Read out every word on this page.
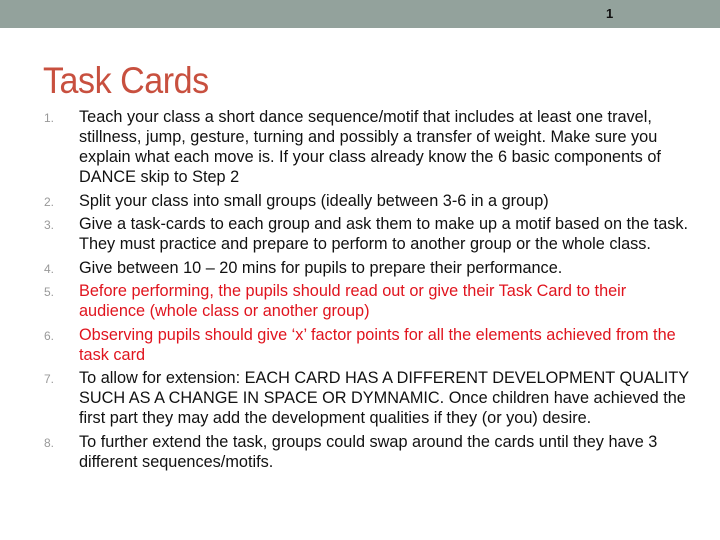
1
Task Cards
1. Teach your class a short dance sequence/motif that includes at least one travel, stillness, jump, gesture, turning and possibly a transfer of weight. Make sure you explain what each move is. If your class already know the 6 basic components of DANCE skip to Step 2
2. Split your class into small groups (ideally between 3-6 in a group)
3. Give a task-cards to each group and ask them to make up a motif based on the task. They must practice and prepare to perform to another group or the whole class.
4. Give between 10 – 20 mins for pupils to prepare their performance.
5. Before performing, the pupils should read out or give their Task Card to their audience (whole class or another group)
6. Observing pupils should give ‘x’ factor points for all the elements achieved from the task card
7. To allow for extension: EACH CARD HAS A DIFFERENT DEVELOPMENT QUALITY SUCH AS A CHANGE IN SPACE OR DYMNAMIC. Once children have achieved the first part they may add the development qualities if they (or you) desire.
8. To further extend the task, groups could swap around the cards until they have 3 different sequences/motifs.
